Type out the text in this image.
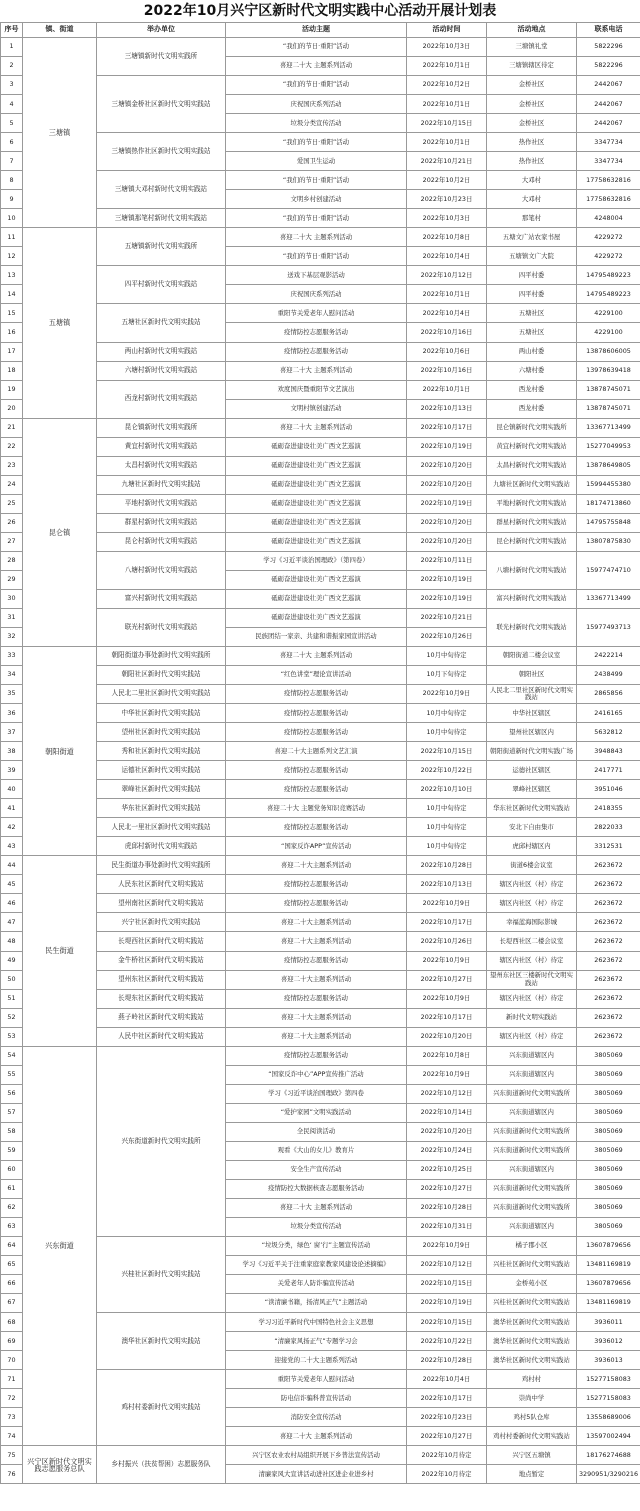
2022年10月兴宁区新时代文明实践中心活动开展计划表
序号	镇、街道	举办单位	活动主题	活动时间	活动地点	联系电话
1	三塘镇	三塘镇新时代文明实践所	“我们的节日·重阳”活动	2022年10月3日	三塘镇礼堂	5822296
2			喜迎二十大 主题系列活动	2022年10月1日	三塘镇辖区待定	5822296
3		三塘镇金桥社区新时代文明实践站	“我们的节日·重阳”活动	2022年10月2日	金桥社区	2442067
4			庆祝国庆系列活动	2022年10月1日	金桥社区	2442067
5			垃圾分类宣传活动	2022年10月15日	金桥社区	2442067
6		三塘镇热作社区新时代文明实践站	“我们的节日·重阳”活动	2022年10月1日	热作社区	3347734
7			爱国卫生运动	2022年10月21日	热作社区	3347734
8		三塘镇大邓村新时代文明实践站	“我们的节日·重阳”活动	2022年10月2日	大邓村	17758632816
9			文明乡村创建活动	2022年10月23日	大邓村	17758632816
10		三塘镇那笔村新时代文明实践站	“我们的节日·重阳”活动	2022年10月3日	那笔村	4248004
11	五塘镇	五塘镇新时代文明实践所	喜迎二十大 主题系列活动	2022年10月8日	五塘文广站农家书屋	4229272
12			“我们的节日·重阳”活动	2022年10月4日	五塘镇文广大院	4229272
13		四平村新时代文明实践站	送戏下基层观影活动	2022年10月12日	四平村委	14795489223
14			庆祝国庆系列活动	2022年10月1日	四平村委	14795489223
15		五塘社区新时代文明实践站	重阳节关爱老年人慰问活动	2022年10月4日	五塘社区	4229100
16			疫情防控志愿服务活动	2022年10月16日	五塘社区	4229100
17		两山村新时代文明实践站	疫情防控志愿服务活动	2022年10月6日	两山村委	13878606005
18		六塘村新时代文明实践站	喜迎二十大 主题系列活动	2022年10月16日	六塘村委	13978639418
19		西龙村新时代文明实践站	欢度国庆暨重阳节文艺演出	2022年10月1日	西龙村委	13878745071
20			文明村镇创建活动	2022年10月13日	西龙村委	13878745071
21	昆仑镇	昆仑镇新时代文明实践所	喜迎二十大 主题系列活动	2022年10月17日	昆仑镇新时代文明实践所	13367713499
22		黄宜村新时代文明实践站	砥砺奋进建设壮美广西文艺巡演	2022年10月19日	黄宜村新时代文明实践站	15277049953
23		太昌村新时代文明实践站	砥砺奋进建设壮美广西文艺巡演	2022年10月20日	太昌村新时代文明实践站	13878649805
24		九塘社区新时代文明实践站	砥砺奋进建设壮美广西文艺巡演	2022年10月20日	九塘社区新时代文明实践站	15994455380
25		平地村新时代文明实践站	砥砺奋进建设壮美广西文艺巡演	2022年10月19日	平地村新时代文明实践站	18174713860
26		群星村新时代文明实践站	砥砺奋进建设壮美广西文艺巡演	2022年10月20日	群星村新时代文明实践站	14795755848
27		昆仑村新时代文明实践站	砥砺奋进建设壮美广西文艺巡演	2022年10月20日	昆仑村新时代文明实践站	13807875830
28		八塘村新时代文明实践站	学习《习近平谈治国理政》（第四卷）	2022年10月11日	八塘村新时代文明实践站	15977474710
29			砥砺奋进建设壮美广西文艺巡演	2022年10月19日		
30		富兴村新时代文明实践站	砥砺奋进建设壮美广西文艺巡演	2022年10月19日	富兴村新时代文明实践站	13367713499
31		联光村新时代文明实践站	砥砺奋进建设壮美广西文艺巡演	2022年10月21日	联光村新时代文明实践站	15977493713
32			民族团结一家亲、共建和谐振家园宣讲活动	2022年10月26日		
33	朝阳街道	朝阳街道办事处新时代文明实践所	喜迎二十大 主题系列活动	10月中旬待定	朝阳街道二楼会议室	2422214
34		朝阳社区新时代文明实践站	“红色讲堂”理论宣讲活动	10月下旬待定	朝阳社区	2438499
35		人民北二里社区新时代文明实践站	疫情防控志愿服务活动	2022年10月9日	人民北二里社区新时代文明实践站	2865856
36		中华社区新时代文明实践站	疫情防控志愿服务活动	10月中旬待定	中华社区辖区	2416165
37		望州社区新时代文明实践站	疫情防控志愿服务活动	10月中旬待定	望州社区辖区内	5632812
38		秀和社区新时代文明实践站	喜迎二十大主题系列文艺汇演	2022年10月15日	朝阳街道新时代文明实践广场	3948843
39		运德社区新时代文明实践站	疫情防控志愿服务活动	2022年10月22日	运德社区辖区	2417771
40		翠峰社区新时代文明实践站	疫情防控志愿服务活动	2022年10月10日	翠峰社区辖区	3951046
41		华东社区新时代文明实践站	喜迎二十大 主题党务知识竞赛活动	10月中旬待定	华东社区新时代文明实践站	2418355
42		人民北一里社区新时代文明实践站	疫情防控志愿服务活动	10月中旬待定	安北下自由集市	2822033
43		虎邱村新时代文明实践站	“国家反诈APP”宣传活动	10月中旬待定	虎邱村辖区内	3312531
44	民生街道	民生街道办事处新时代文明实践所	喜迎二十大主题系列活动	2022年10月28日	街道6楼会议室	2623672
45		人民东社区新时代文明实践站	疫情防控志愿服务活动	2022年10月13日	辖区内社区（村）待定	2623672
46		望州南社区新时代文明实践站	疫情防控志愿服务活动	2022年10月9日	辖区内社区（村）待定	2623672
47		兴宁社区新时代文明实践站	喜迎二十大主题系列活动	2022年10月17日	幸福蓝海国际影城	2623672
48		长堤西社区新时代文明实践站	喜迎二十大主题系列活动	2022年10月26日	长堤西社区二楼会议室	2623672
49		金牛桥社区新时代文明实践站	疫情防控志愿服务活动	2022年10月9日	辖区内社区（村）待定	2623672
50		望州东社区新时代文明实践站	喜迎二十大主题系列活动	2022年10月27日	望州东社区三楼新时代文明实践站	2623672
51		长堤东社区新时代文明实践站	疫情防控志愿服务活动	2022年10月9日	辖区内社区（村）待定	2623672
52		燕子岭社区新时代文明实践站	喜迎二十大主题系列活动	2022年10月17日	新时代文明实践站	2623672
53		人民中社区新时代文明实践站	喜迎二十大主题系列活动	2022年10月20日	辖区内社区（村）待定	2623672
54	兴东街道	兴东街道新时代文明实践所	疫情防控志愿服务活动	2022年10月8日	兴东街道辖区内	3805069
55			“国家反诈中心”APP宣传推广活动	2022年10月9日	兴东街道辖区内	3805069
56			学习《习近平谈治国理政》第四卷	2022年10月12日	兴东街道新时代文明实践所	3805069
57			“爱护家园”文明实践活动	2022年10月14日	兴东街道辖区内	3805069
58			全民阅读活动	2022年10月20日	兴东街道新时代文明实践所	3805069
59			观看《大山的女儿》教育片	2022年10月24日	兴东街道新时代文明实践所	3805069
60			安全生产宣传活动	2022年10月25日	兴东街道辖区内	3805069
61			疫情防控大数据核查志愿服务活动	2022年10月27日	兴东街道新时代文明实践所	3805069
62			喜迎二十大 主题系列活动	2022年10月28日	兴东街道新时代文明实践所	3805069
63			垃圾分类宣传活动	2022年10月31日	兴东街道辖区内	3805069
64		兴桂社区新时代文明实践站	“垃圾分类，绿色‘ 窗’行”主题宣传活动	2022年10月9日	橘子郡小区	13607879656
65			学习《习近平关于注重家庭家教家风建设论述摘编》	2022年10月12日	兴桂社区新时代文明实践站	13481169819
66			关爱老年人防诈骗宣传活动	2022年10月15日	金桥苑小区	13607879656
67			“读清廉书籍，扬清风正气”主题活动	2022年10月19日	兴桂社区新时代文明实践站	13481169819
68		澳华社区新时代文明实践站	学习习近平新时代中国特色社会主义思想	2022年10月15日	澳华社区新时代文明实践站	3936011
69			“清廉家风扬正气”专题学习会	2022年10月22日	澳华社区新时代文明实践站	3936012
70			迎接党的二十大主题系列活动	2022年10月28日	澳华社区新时代文明实践站	3936013
71		鸡村村委新时代文明实践站	重阳节关爱老年人慰问活动	2022年10月4日	鸡村村	15277158083
72			防电信诈骗科普宣传活动	2022年10月17日	崇尚中学	15277158083
73			消防安全宣传活动	2022年10月23日	鸡村5队仓库	13558689006
74			喜迎二十大 主题系列活动	2022年10月27日	鸡村村委新时代文明实践站	13597002494
75	兴宁区新时代文明实践志愿服务总队	乡村振兴（扶贫帮困）志愿服务队	兴宁区农业农村局组织开展下乡普法宣传活动	2022年10月待定	兴宁区五塘镇	18176274688
76			清廉家风大宣讲活动进社区进企业进乡村	2022年10月待定	地点暂定	3290951/3290216
